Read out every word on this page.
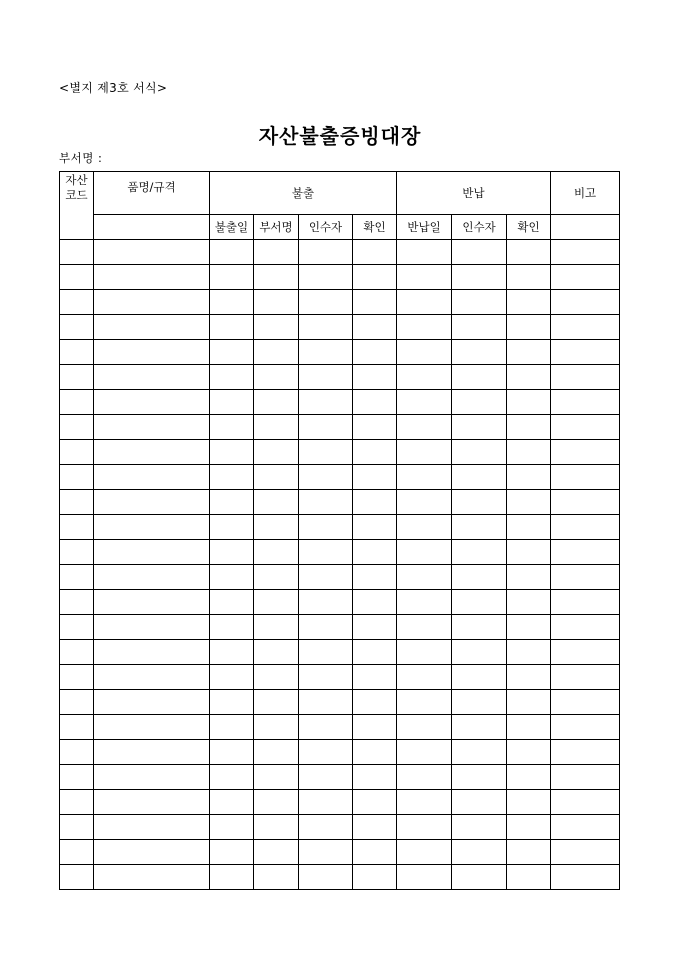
<별지 제3호 서식>
자산불출증빙대장
부서명 :
자산
코드	품명/규격	불출				반납			비고
		불출일	부서명	인수자	확인	반납일	인수자	확인	
